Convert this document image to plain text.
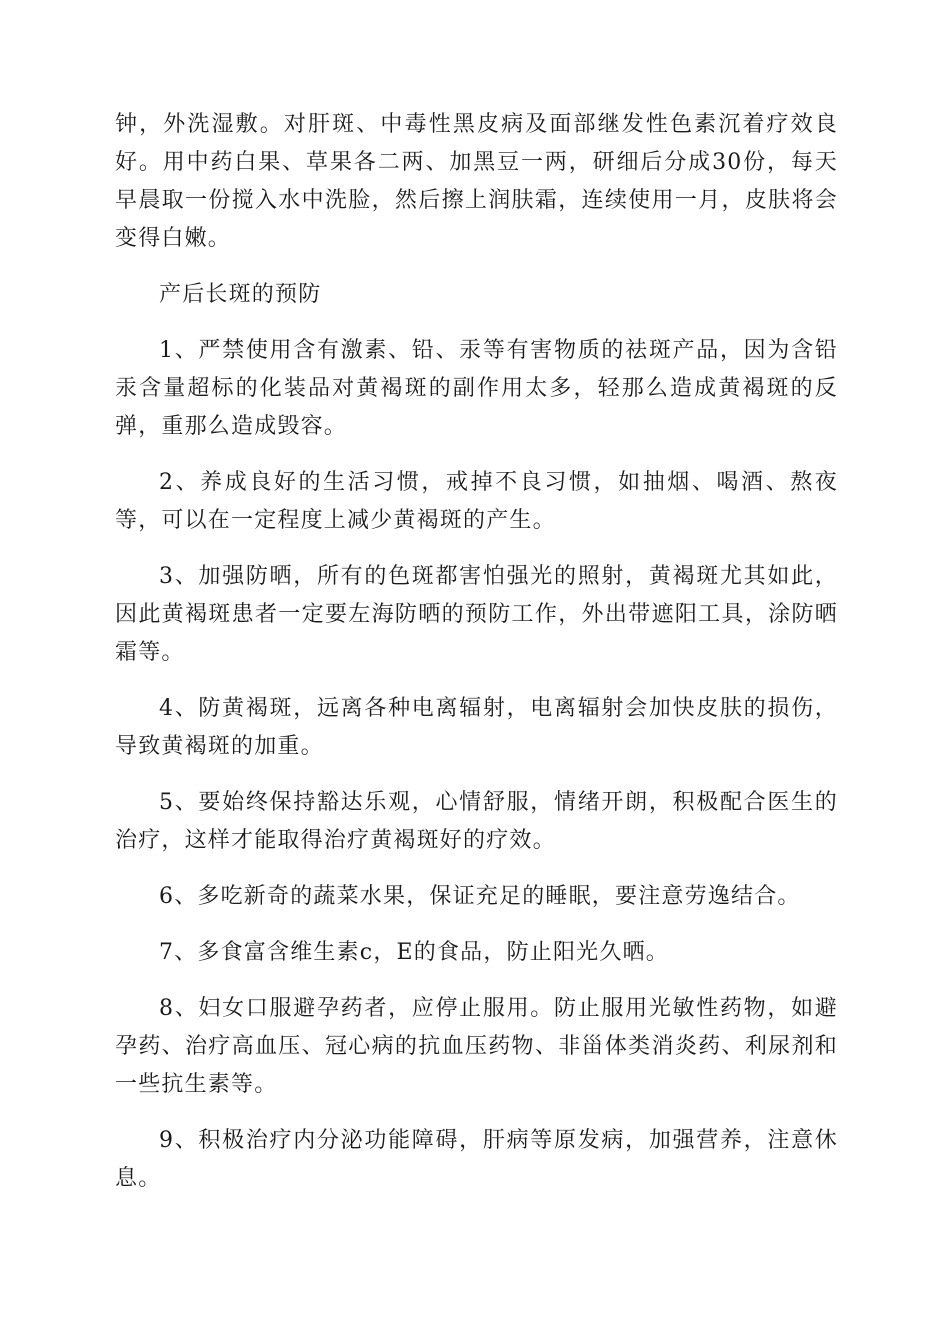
钟，外洗湿敷。对肝斑、中毒性黑皮病及面部继发性色素沉着疗效良好。用中药白果、草果各二两、加黑豆一两，研细后分成30份，每天早晨取一份搅入水中洗脸，然后擦上润肤霜，连续使用一月，皮肤将会变得白嫩。

产后长斑的预防

1、严禁使用含有激素、铅、汞等有害物质的祛斑产品，因为含铅汞含量超标的化装品对黄褐斑的副作用太多，轻那么造成黄褐斑的反弹，重那么造成毁容。

2、养成良好的生活习惯，戒掉不良习惯，如抽烟、喝酒、熬夜等，可以在一定程度上减少黄褐斑的产生。

3、加强防晒，所有的色斑都害怕强光的照射，黄褐斑尤其如此，因此黄褐斑患者一定要左海防晒的预防工作，外出带遮阳工具，涂防晒霜等。

4、防黄褐斑，远离各种电离辐射，电离辐射会加快皮肤的损伤，导致黄褐斑的加重。

5、要始终保持豁达乐观，心情舒服，情绪开朗，积极配合医生的治疗，这样才能取得治疗黄褐斑好的疗效。

6、多吃新奇的蔬菜水果，保证充足的睡眠，要注意劳逸结合。

7、多食富含维生素c，E的食品，防止阳光久晒。

8、妇女口服避孕药者，应停止服用。防止服用光敏性药物，如避孕药、治疗高血压、冠心病的抗血压药物、非甾体类消炎药、利尿剂和一些抗生素等。

9、积极治疗内分泌功能障碍，肝病等原发病，加强营养，注意休息。
